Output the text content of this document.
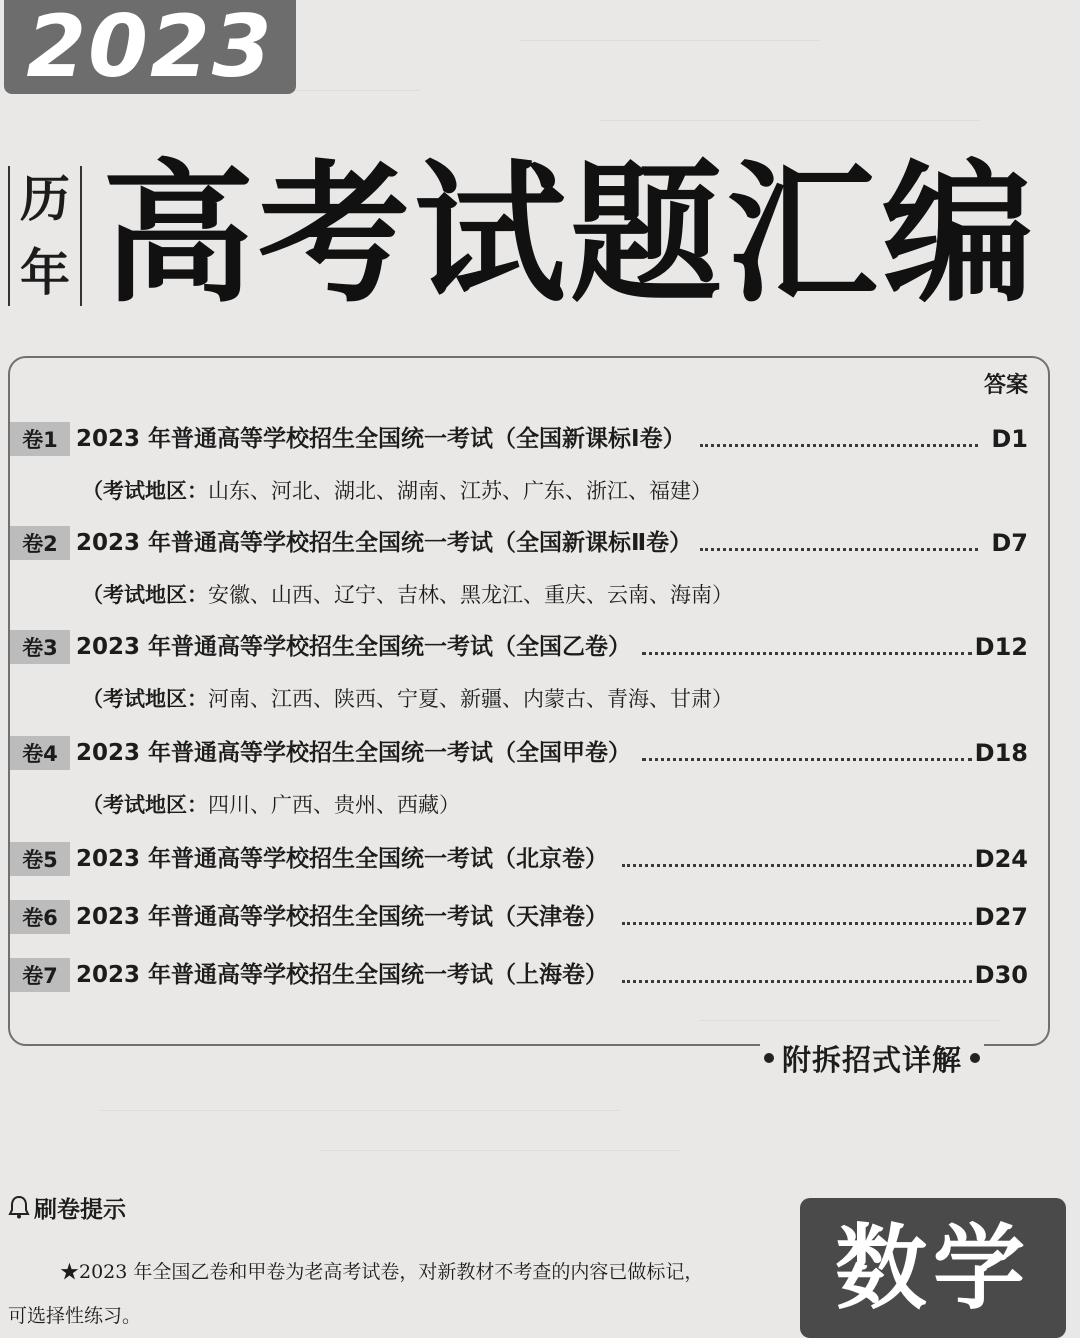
2023
历
年 高考试题汇编
答案
卷1 2023 年普通高等学校招生全国统一考试（全国新课标Ⅰ卷）	D1
（考试地区：山东、河北、湖北、湖南、江苏、广东、浙江、福建）
卷2 2023 年普通高等学校招生全国统一考试（全国新课标Ⅱ卷）	D7
（考试地区：安徽、山西、辽宁、吉林、黑龙江、重庆、云南、海南）
卷3 2023 年普通高等学校招生全国统一考试（全国乙卷）	D12
（考试地区：河南、江西、陕西、宁夏、新疆、内蒙古、青海、甘肃）
卷4 2023 年普通高等学校招生全国统一考试（全国甲卷）	D18
（考试地区：四川、广西、贵州、西藏）
卷5 2023 年普通高等学校招生全国统一考试（北京卷）	D24
卷6 2023 年普通高等学校招生全国统一考试（天津卷）	D27
卷7 2023 年普通高等学校招生全国统一考试（上海卷）	D30
附拆招式详解
刷卷提示
★2023 年全国乙卷和甲卷为老高考试卷，对新教材不考查的内容已做标记，
可选择性练习。	数学
